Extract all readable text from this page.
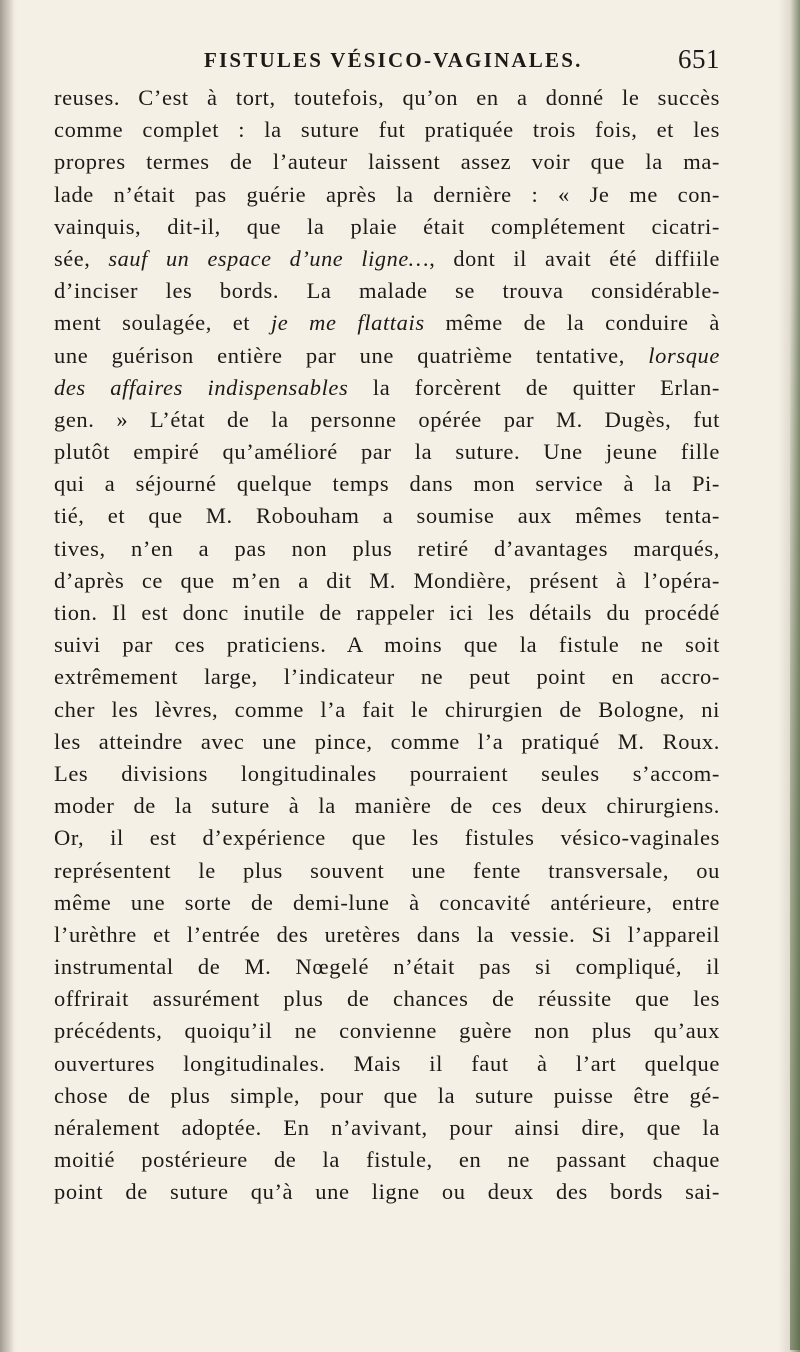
FISTULES VÉSICO-VAGINALES.	651
reuses. C’est à tort, toutefois, qu’on en a donné le succès
comme complet : la suture fut pratiquée trois fois, et les
propres termes de l’auteur laissent assez voir que la ma-
lade n’était pas guérie après la dernière : « Je me con-
vainquis, dit-il, que la plaie était complétement cicatri-
sée, sauf un espace d’une ligne…, dont il avait été diffiile
d’inciser les bords. La malade se trouva considérable-
ment soulagée, et je me flattais même de la conduire à
une guérison entière par une quatrième tentative, lorsque
des affaires indispensables la forcèrent de quitter Erlan-
gen. » L’état de la personne opérée par M. Dugès, fut
plutôt empiré qu’amélioré par la suture. Une jeune fille
qui a séjourné quelque temps dans mon service à la Pi-
tié, et que M. Robouham a soumise aux mêmes tenta-
tives, n’en a pas non plus retiré d’avantages marqués,
d’après ce que m’en a dit M. Mondière, présent à l’opéra-
tion. Il est donc inutile de rappeler ici les détails du procédé
suivi par ces praticiens. A moins que la fistule ne soit
extrêmement large, l’indicateur ne peut point en accro-
cher les lèvres, comme l’a fait le chirurgien de Bologne, ni
les atteindre avec une pince, comme l’a pratiqué M. Roux.
Les divisions longitudinales pourraient seules s’accom-
moder de la suture à la manière de ces deux chirurgiens.
Or, il est d’expérience que les fistules vésico-vaginales
représentent le plus souvent une fente transversale, ou
même une sorte de demi-lune à concavité antérieure, entre
l’urèthre et l’entrée des uretères dans la vessie. Si l’appareil
instrumental de M. Nœgelé n’était pas si compliqué, il
offrirait assurément plus de chances de réussite que les
précédents, quoiqu’il ne convienne guère non plus qu’aux
ouvertures longitudinales. Mais il faut à l’art quelque
chose de plus simple, pour que la suture puisse être gé-
néralement adoptée. En n’avivant, pour ainsi dire, que la
moitié postérieure de la fistule, en ne passant chaque
point de suture qu’à une ligne ou deux des bords sai-
